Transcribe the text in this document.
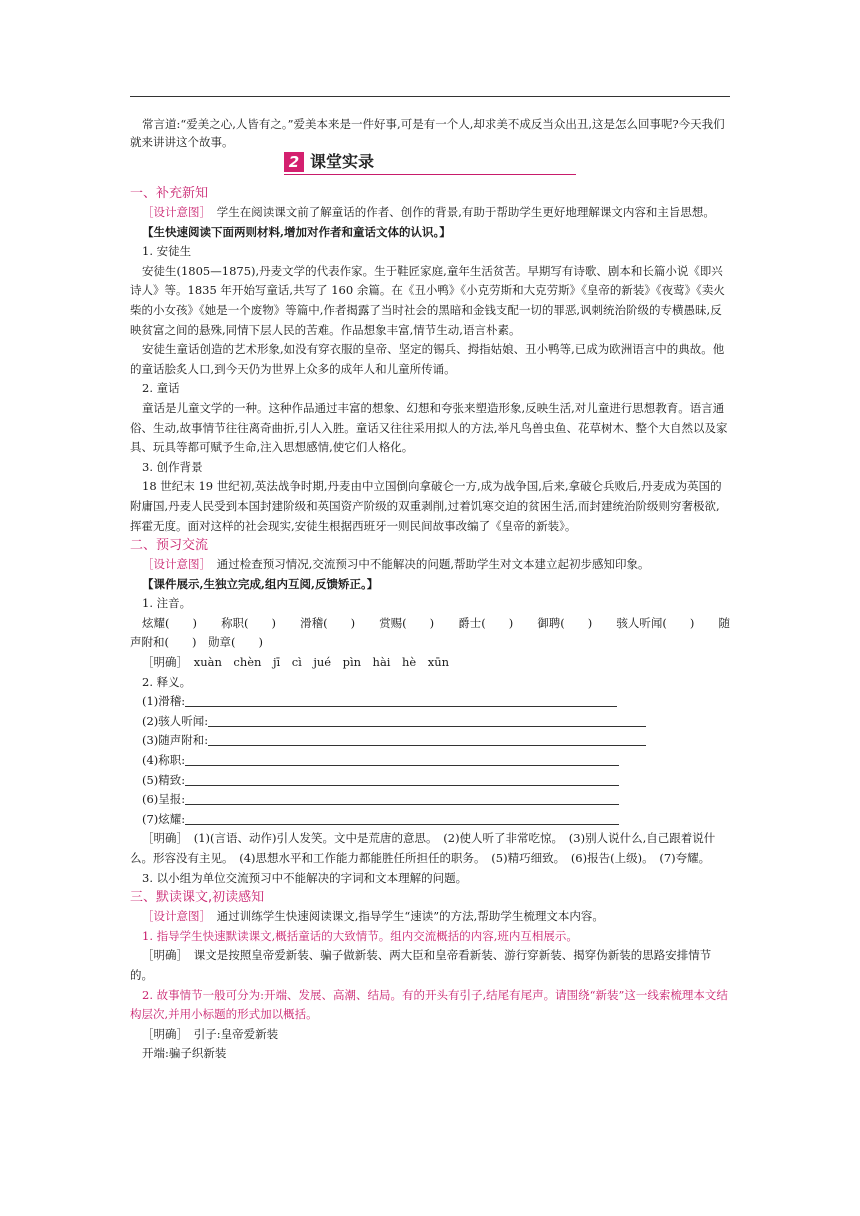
常言道:“爱美之心,人皆有之。”爱美本来是一件好事,可是有一个人,却求美不成反当众出丑,这是怎么回事呢?今天我们就来讲讲这个故事。

2 课堂实录

一、补充新知

［设计意图］　 学生在阅读课文前了解童话的作者、创作的背景,有助于帮助学生更好地理解课文内容和主旨思想。

【生快速阅读下面两则材料,增加对作者和童话文体的认识。】

1. 安徒生

安徒生(1805—1875),丹麦文学的代表作家。生于鞋匠家庭,童年生活贫苦。早期写有诗歌、剧本和长篇小说《即兴诗人》等。1835 年开始写童话,共写了 160 余篇。在《丑小鸭》《小克劳斯和大克劳斯》《皇帝的新装》《夜莺》《卖火柴的小女孩》《她是一个废物》等篇中,作者揭露了当时社会的黑暗和金钱支配一切的罪恶,讽刺统治阶级的专横愚昧,反映贫富之间的悬殊,同情下层人民的苦难。作品想象丰富,情节生动,语言朴素。

安徒生童话创造的艺术形象,如没有穿衣服的皇帝、坚定的锡兵、拇指姑娘、丑小鸭等,已成为欧洲语言中的典故。他的童话脍炙人口,到今天仍为世界上众多的成年人和儿童所传诵。

2. 童话

童话是儿童文学的一种。这种作品通过丰富的想象、幻想和夸张来塑造形象,反映生活,对儿童进行思想教育。语言通俗、生动,故事情节往往离奇曲折,引人入胜。童话又往往采用拟人的方法,举凡鸟兽虫鱼、花草树木、整个大自然以及家具、玩具等都可赋予生命,注入思想感情,使它们人格化。

3. 创作背景

18 世纪末 19 世纪初,英法战争时期,丹麦由中立国倒向拿破仑一方,成为战争国,后来,拿破仑兵败后,丹麦成为英国的附庸国,丹麦人民受到本国封建阶级和英国资产阶级的双重剥削,过着饥寒交迫的贫困生活,而封建统治阶级则穷奢极欲,挥霍无度。面对这样的社会现实,安徒生根据西班牙一则民间故事改编了《皇帝的新装》。

二、预习交流

［设计意图］　 通过检查预习情况,交流预习中不能解决的问题,帮助学生对文本建立起初步感知印象。

【课件展示,生独立完成,组内互阅,反馈矫正。】

1. 注音。

炫耀(　　) 称职(　　) 滑稽(　　) 赏赐(　　) 爵士(　　) 御聘(　　) 骇人听闻(　　) 随

声附和(　　)　勋章(　　)

［明确］　 xuàn　chèn　jī　cì　jué　pìn　hài　hè　xūn

2. 释义。

(1)滑稽:
(2)骇人听闻:
(3)随声附和:
(4)称职:
(5)精致:
(6)呈报:
(7)炫耀:

［明确］　 (1)(言语、动作)引人发笑。文中是荒唐的意思。　(2)使人听了非常吃惊。　(3)别人说什么,自己跟着说什么。形容没有主见。　(4)思想水平和工作能力都能胜任所担任的职务。　(5)精巧细致。　(6)报告(上级)。　(7)夸耀。

3. 以小组为单位交流预习中不能解决的字词和文本理解的问题。

三、默读课文,初读感知

［设计意图］　 通过训练学生快速阅读课文,指导学生“速读”的方法,帮助学生梳理文本内容。

1. 指导学生快速默读课文,概括童话的大致情节。组内交流概括的内容,班内互相展示。

［明确］　 课文是按照皇帝爱新装、骗子做新装、两大臣和皇帝看新装、游行穿新装、揭穿伪新装的思路安排情节的。

2. 故事情节一般可分为:开端、发展、高潮、结局。有的开头有引子,结尾有尾声。请围绕“新装”这一线索梳理本文结构层次,并用小标题的形式加以概括。

［明确］　 引子:皇帝爱新装

开端:骗子织新装
